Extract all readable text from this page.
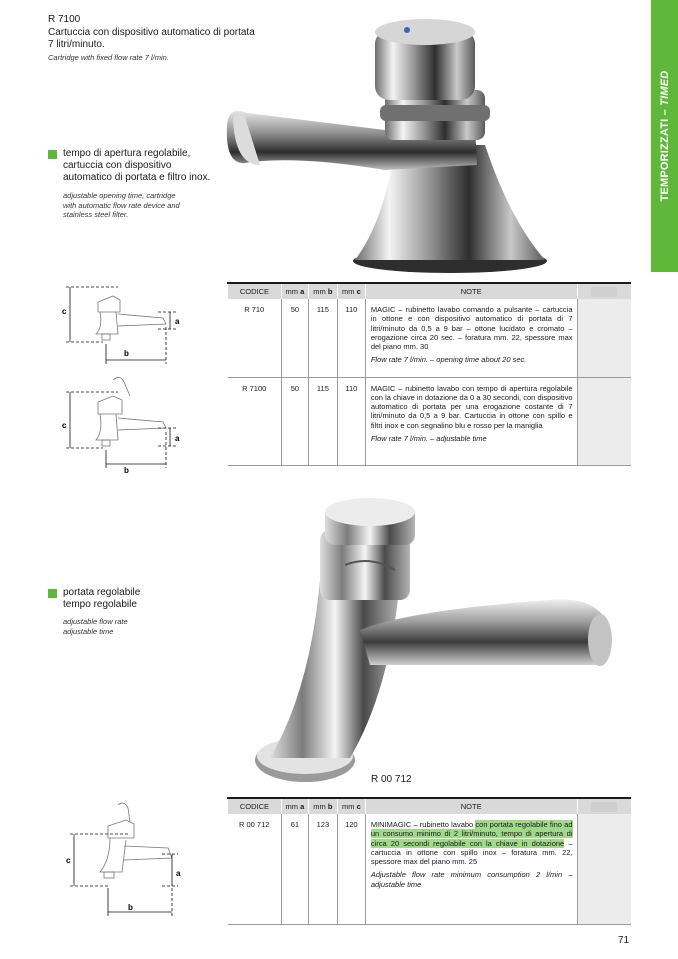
TEMPORIZZATI – TIMED
R 7100
Cartuccia con dispositivo automatico di portata
7 litri/minuto.
Cartridge with fixed flow rate 7 l/min.
tempo di apertura regolabile,
cartuccia con dispositivo
automatico di portata e filtro inox.
adjustable opening time, cartridge
with automatic flow rate device and
stainless steel filter.
R 00 712
portata regolabile
tempo regolabile
adjustable flow rate
adjustable time
c
a
b
c
a
b
c
a
b
CODICE	mm a	mm b	mm c	NOTE	

R 710	50	115	110	MAGIC – rubinetto lavabo comando a pulsante – cartuccia in ottone e con dispositivo automatico di portata di 7 litri/minuto da 0,5 a 9 bar – ottone lucidato e cromato – erogazione circa 20 sec. – foratura mm. 22, spessore max del piano mm. 30
Flow rate 7 l/min. – opening time about 20 sec.	

R 7100	50	115	110	MAGIC – rubinetto lavabo con tempo di apertura regolabile con la chiave in dotazione da 0 a 30 secondi, con dispositivo automatico di portata per una erogazione costante di 7 litri/minuto da 0,5 a 9 bar. Cartuccia in ottone con spillo e filtri inox e con segnalino blu e rosso per la maniglia
Flow rate 7 l/min. – adjustable time	

CODICE	mm a	mm b	mm c	NOTE	

R 00 712	61	123	120	MINIMAGIC – rubinetto lavabo con portata regolabile fino ad un consumo minimo di 2 litri/minuto, tempo di apertura di circa 20 secondi regolabile con la chiave in dotazione – cartuccia in ottone con spillo inox – foratura mm. 22, spessore max del piano mm. 25
Adjustable flow rate minimum consumption 2 l/min – adjustable time	

71
